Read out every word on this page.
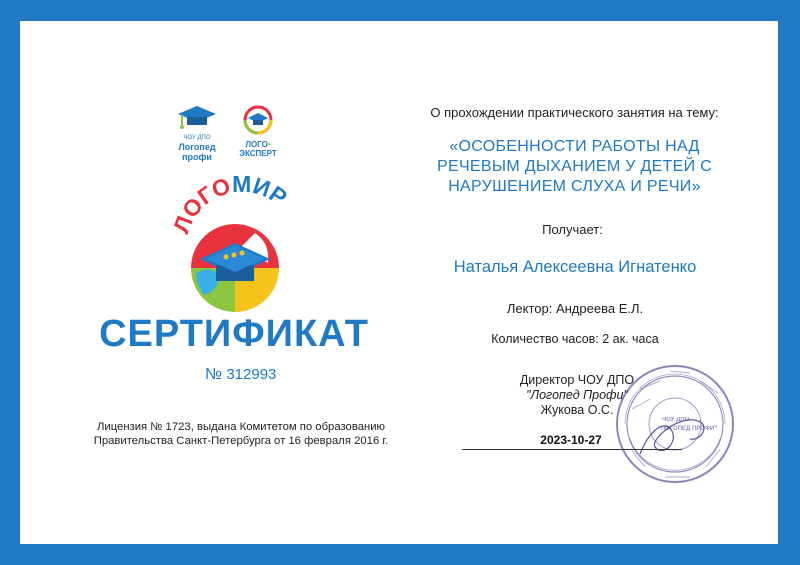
ЧОУ ДПО
Логопед
профи
ЛОГО•
ЭКСПЕРТ
ЛОГОМИР
СЕРТИФИКАТ
№ 312993
Лицензия № 1723, выдана Комитетом по образованию
Правительства Санкт-Петербурга от 16 февраля 2016 г.
О прохождении практического занятия на тему:
«ОСОБЕННОСТИ РАБОТЫ НАД
РЕЧЕВЫМ ДЫХАНИЕМ У ДЕТЕЙ С
НАРУШЕНИЕМ СЛУХА И РЕЧИ»
Получает:
Наталья Алексеевна Игнатенко
Лектор: Андреева Е.Л.
Количество часов: 2 ак. часа
Директор ЧОУ ДПО
"Логопед Профи"
Жукова О.С.
ЧОУ ДПО
"ЛОГОПЕД ПРОФИ"
2023-10-27
